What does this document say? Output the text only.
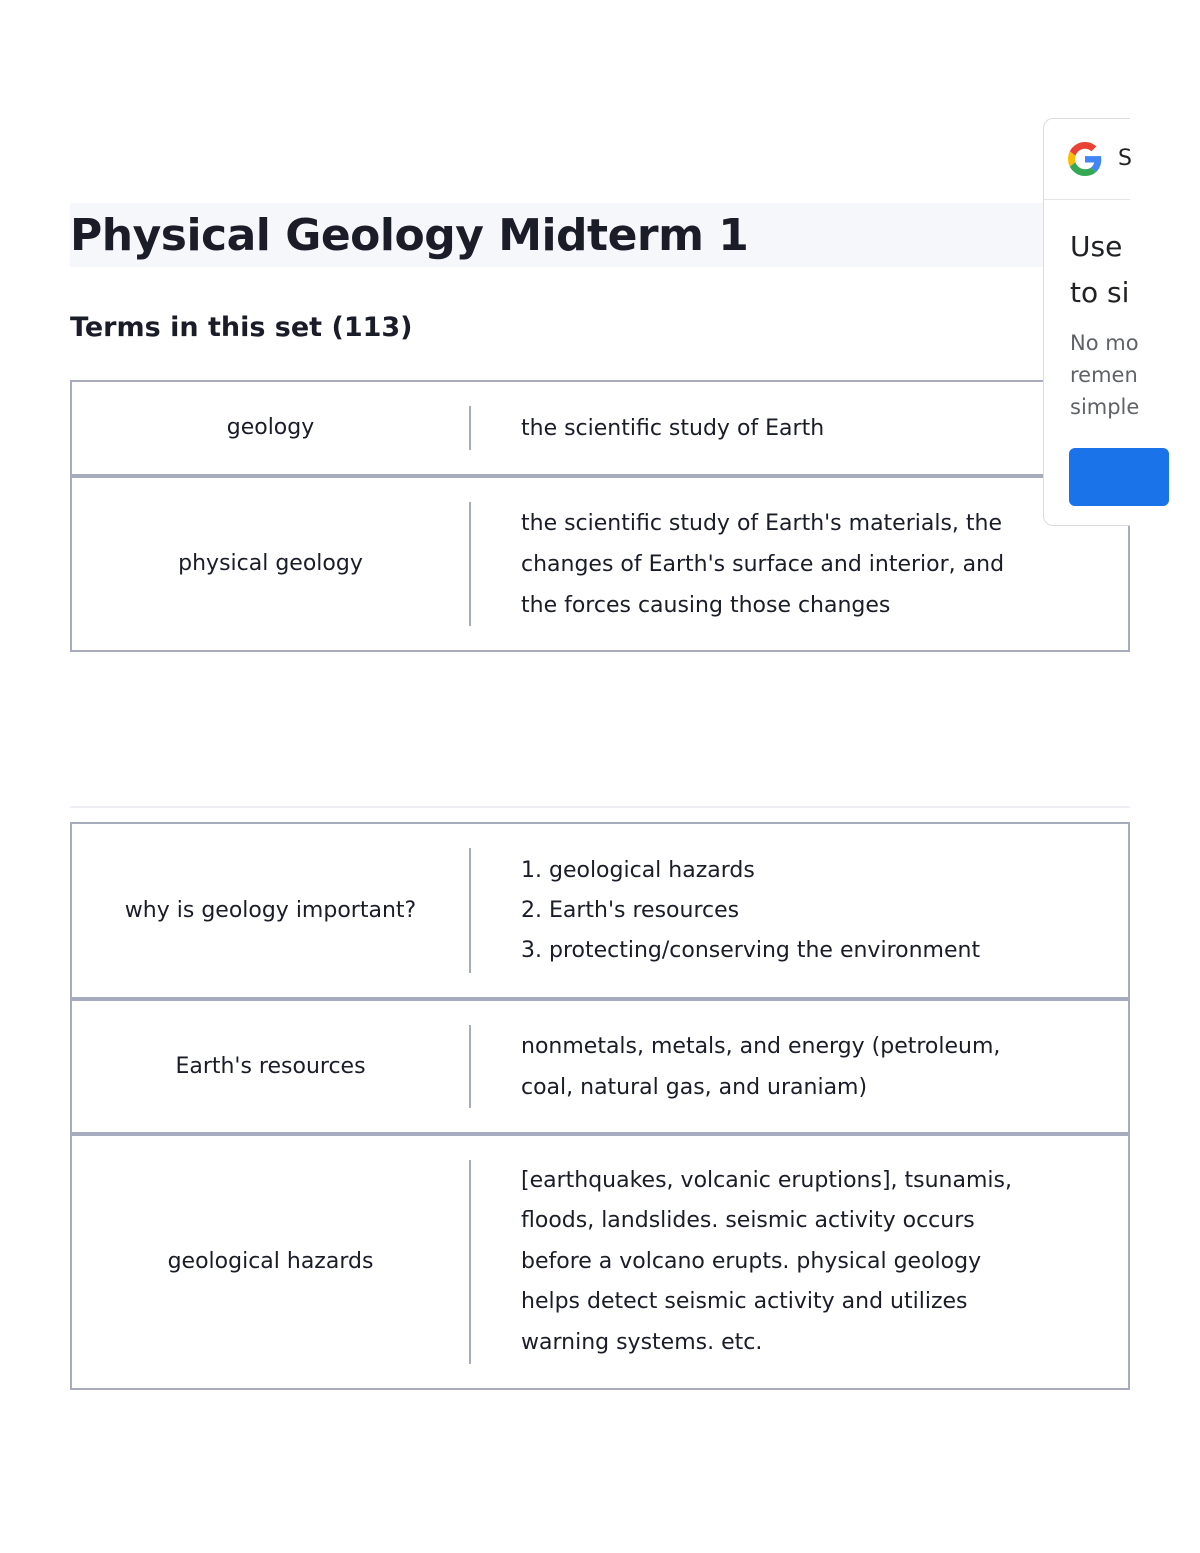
Physical Geology Midterm 1
Terms in this set (113)
geology	the scientific study of Earth
physical geology
the scientific study of Earth's materials, the
changes of Earth's surface and interior, and
the forces causing those changes
why is geology important?
1. geological hazards
2. Earth's resources
3. protecting/conserving the environment
Earth's resources
nonmetals, metals, and energy (petroleum,
coal, natural gas, and uraniam)
geological hazards
[earthquakes, volcanic eruptions], tsunamis,
floods, landslides. seismic activity occurs
before a volcano erupts. physical geology
helps detect seismic activity and utilizes
warning systems. etc.
S
Use
to si
No mo
remen
simple
